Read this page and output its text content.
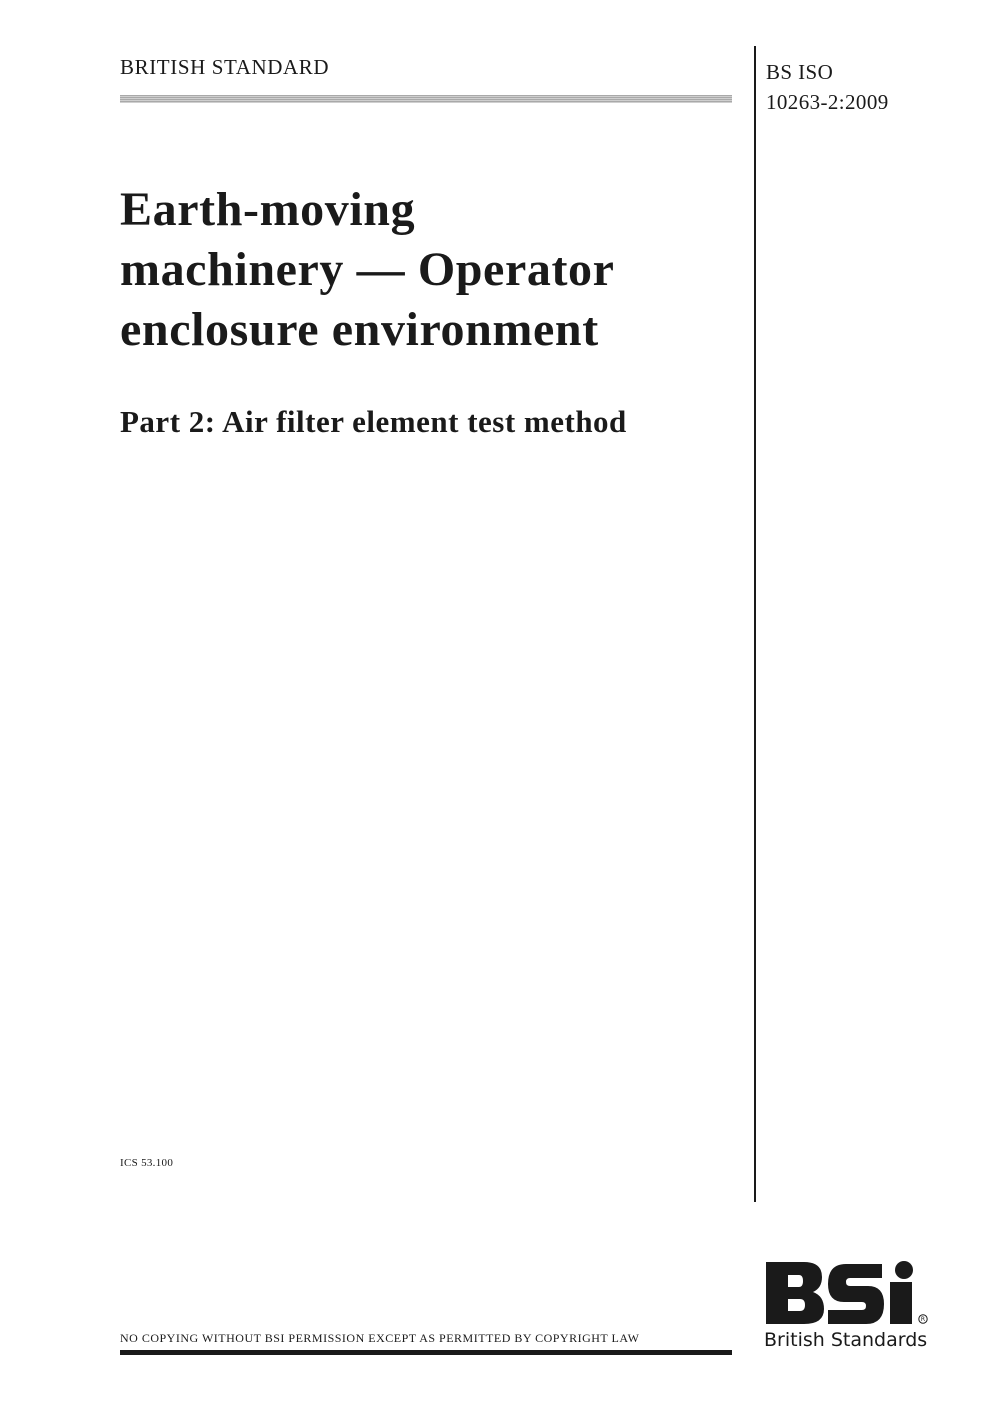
BRITISH STANDARD	BS ISO
10263-2:2009
Earth-moving
machinery — Operator
enclosure environment
Part 2: Air filter element test method
ICS 53.100
NO COPYING WITHOUT BSI PERMISSION EXCEPT AS PERMITTED BY COPYRIGHT LAW
R
British Standards
